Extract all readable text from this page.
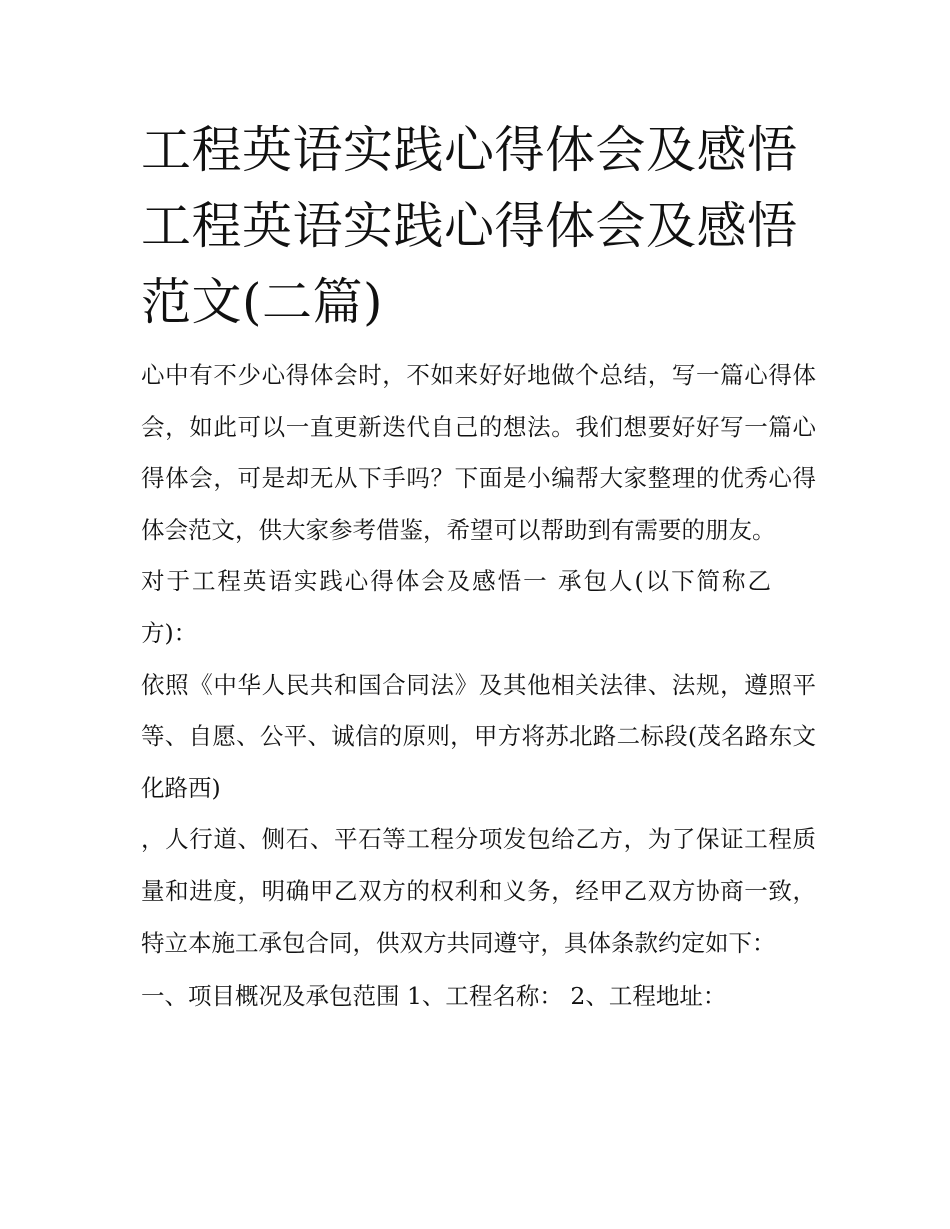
工程英语实践心得体会及感悟
工程英语实践心得体会及感悟
范文(二篇)

心中有不少心得体会时，不如来好好地做个总结，写一篇心得体会，如此可以一直更新迭代自己的想法。我们想要好好写一篇心得体会，可是却无从下手吗？下面是小编帮大家整理的优秀心得体会范文，供大家参考借鉴，希望可以帮助到有需要的朋友。

对于工程英语实践心得体会及感悟一 承包人(以下简称乙方)：

依照《中华人民共和国合同法》及其他相关法律、法规，遵照平等、自愿、公平、诚信的原则，甲方将苏北路二标段(茂名路东文化路西)

，人行道、侧石、平石等工程分项发包给乙方，为了保证工程质量和进度，明确甲乙双方的权利和义务，经甲乙双方协商一致，特立本施工承包合同，供双方共同遵守，具体条款约定如下：

一、项目概况及承包范围 1、工程名称： 2、工程地址：
